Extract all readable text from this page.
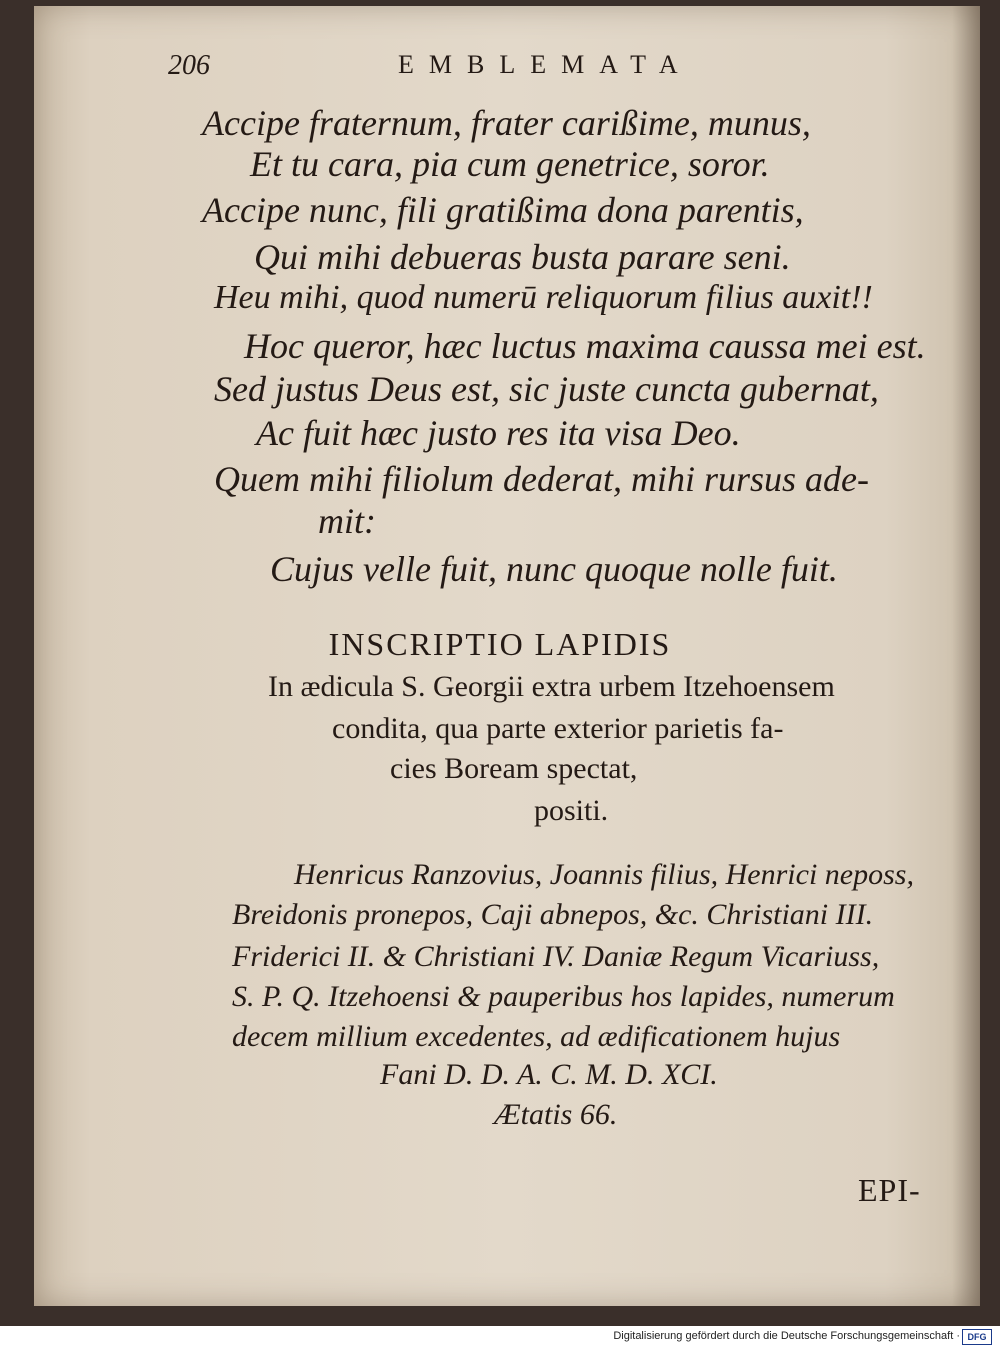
206	EMBLEMATA
Accipe fraternum, frater carißime, munus,
Et tu cara, pia cum genetrice, soror.
Accipe nunc, fili gratißima dona parentis,
Qui mihi debueras busta parare seni.
Heu mihi, quod numerū reliquorum filius auxit!!
Hoc queror, hæc luctus maxima caussa mei est.
Sed justus Deus est, sic juste cuncta gubernat,
Ac fuit hæc justo res ita visa Deo.
Quem mihi filiolum dederat, mihi rursus ade-
mit:
Cujus velle fuit, nunc quoque nolle fuit.
INSCRIPTIO LAPIDIS
In ædicula S. Georgii extra urbem Itzehoensem
condita, qua parte exterior parietis fa-
cies Boream spectat,
positi.
Henricus Ranzovius, Joannis filius, Henrici neposs,
Breidonis pronepos, Caji abnepos, &c. Christiani III.
Friderici II. & Christiani IV. Daniæ Regum Vicariuss,
S. P. Q. Itzehoensi & pauperibus hos lapides, numerum
decem millium excedentes, ad ædificationem hujus
Fani D. D. A. C. M. D. XCI.
Ætatis 66.
EPI-
Digitalisierung gefördert durch die Deutsche Forschungsgemeinschaft · DFG
